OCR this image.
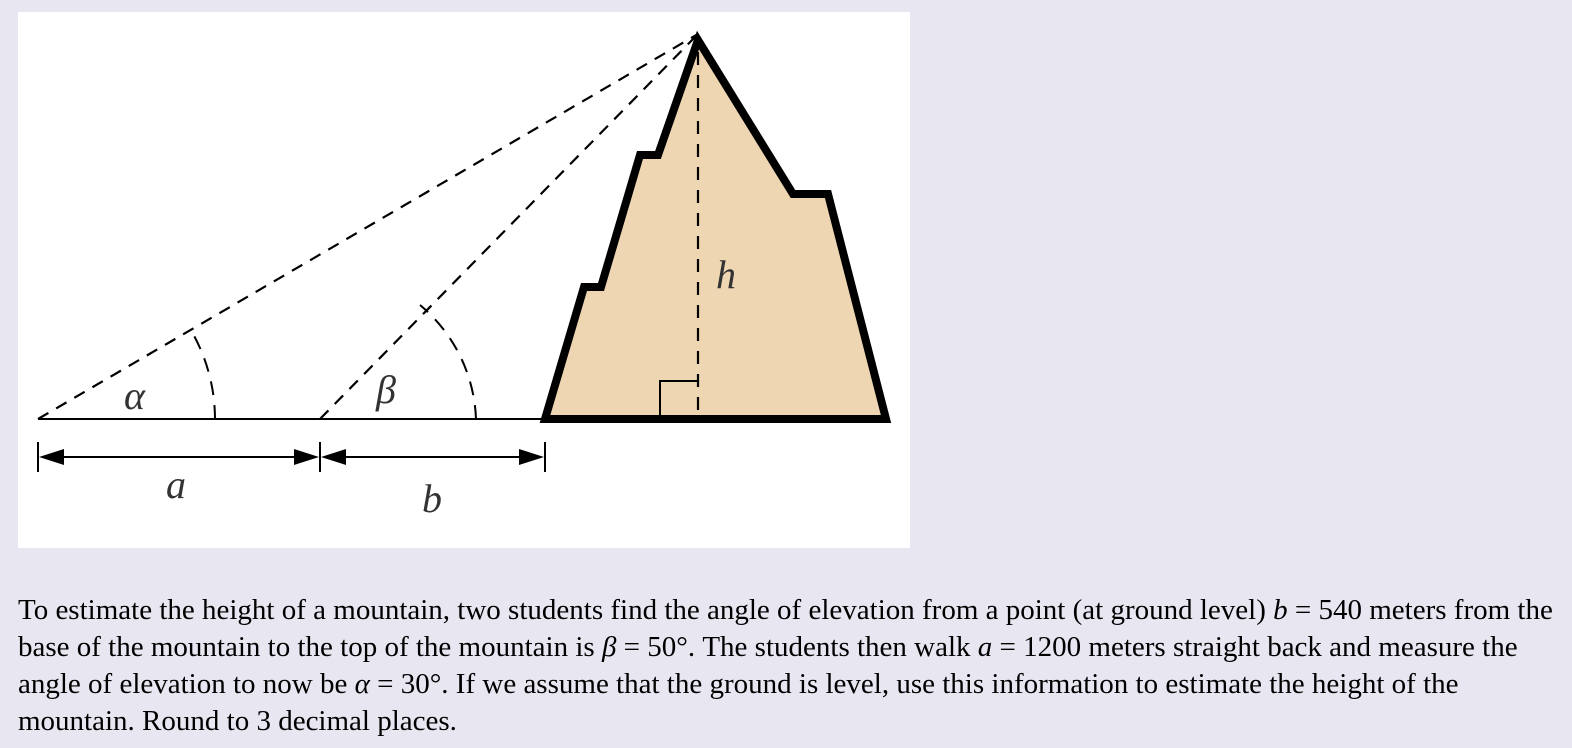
α	β
h
a	b

To estimate the height of a mountain, two students find the angle of elevation from a point (at ground level) b = 540 meters from the base of the mountain to the top of the mountain is β = 50°. The students then walk a = 1200 meters straight back and measure the angle of elevation to now be α = 30°. If we assume that the ground is level, use this information to estimate the height of the mountain. Round to 3 decimal places.
